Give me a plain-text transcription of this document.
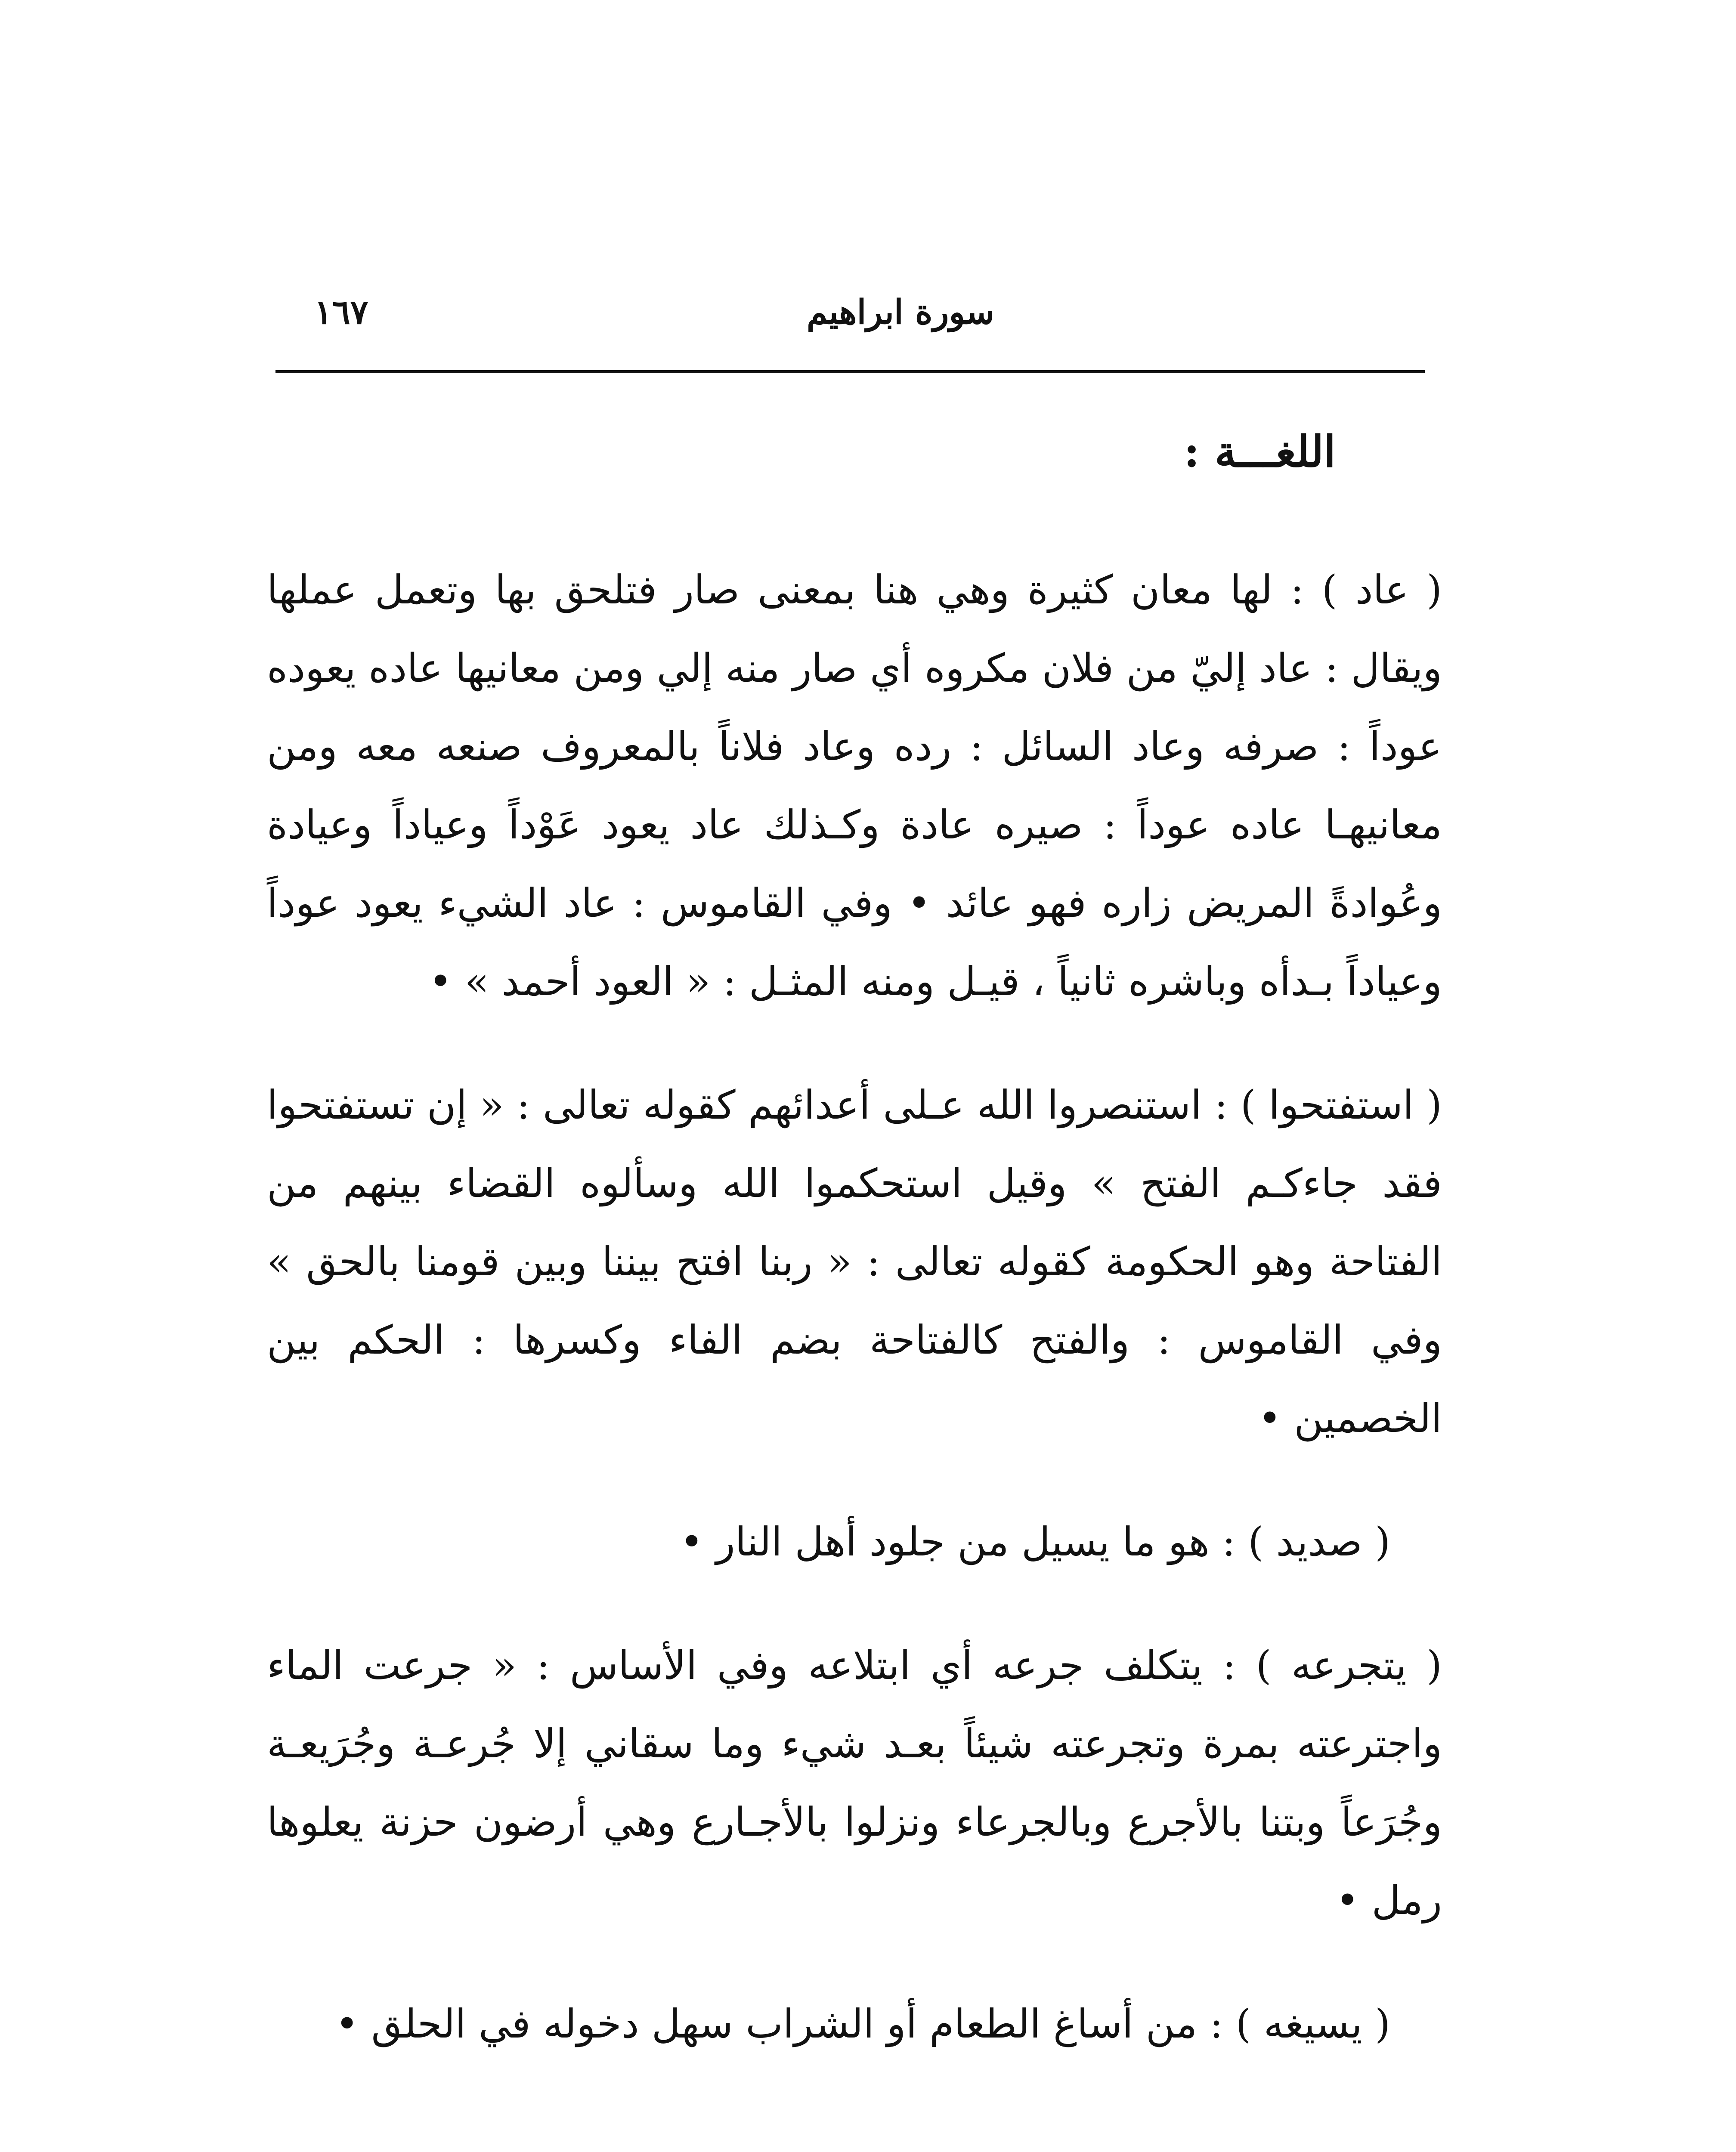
سورة ابراهيم
١٦٧
اللغـــة :

( عاد ) : لها معان كثيرة وهي هنا بمعنى صار فتلحق بها وتعمل عملها ويقال : عاد إليّ من فلان مكروه أي صار منه إلي ومن معانيها عاده يعوده عوداً : صرفه وعاد السائل : رده وعاد فلاناً بالمعروف صنعه معه ومن معانيهـا عاده عوداً : صيره عادة وكـذلك عاد يعود عَوْداً وعياداً وعيادة وعُوادةً المريض زاره فهو عائد • وفي القاموس : عاد الشيء يعود عوداً وعياداً بـدأه وباشره ثانياً ، قيـل ومنه المثـل : « العود أحمد » •

( استفتحوا ) : استنصروا الله عـلى أعدائهم كقوله تعالى : « إن تستفتحوا فقد جاءكـم الفتح » وقيل استحكموا الله وسألوه القضاء بينهم من الفتاحة وهو الحكومة كقوله تعالى : « ربنا افتح بيننا وبين قومنا بالحق » وفي القاموس : والفتح كالفتاحة بضم الفاء وكسرها : الحكم بين الخصمين •

( صديد ) : هو ما يسيل من جلود أهل النار •

( يتجرعه ) : يتكلف جرعه أي ابتلاعه وفي الأساس : « جرعت الماء واجترعته بمرة وتجرعته شيئاً بعـد شيء وما سقاني إلا جُرعـة وجُرَيعـة وجُرَعاً وبتنا بالأجرع وبالجرعاء ونزلوا بالأجـارع وهي أرضون حزنة يعلوها رمل •

( يسيغه ) : من أساغ الطعام أو الشراب سهل دخوله في الحلق •
